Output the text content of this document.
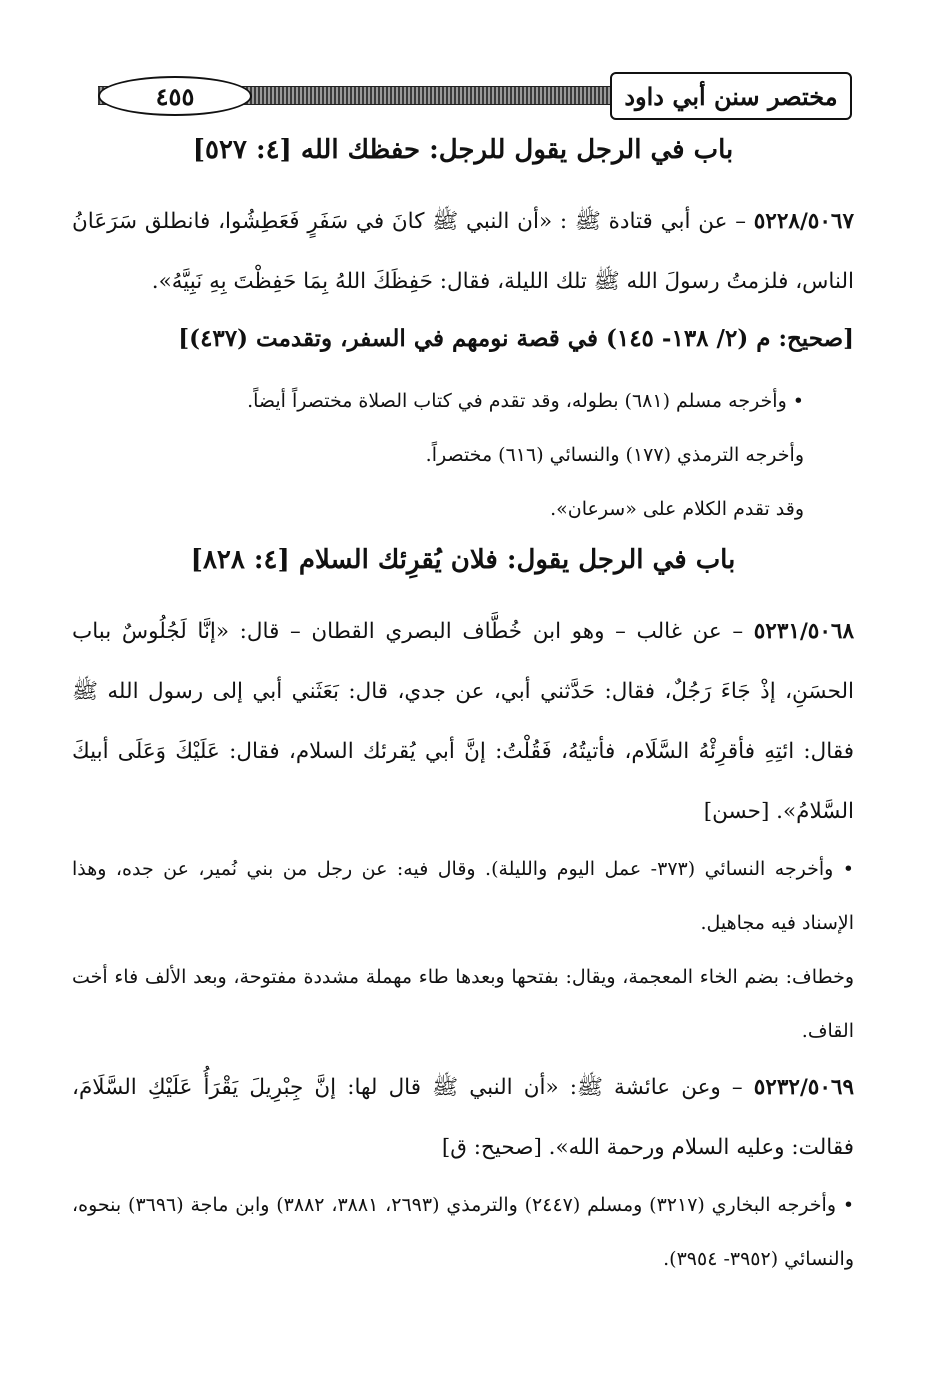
٤٥٥	مختصر سنن أبي داود
باب في الرجل يقول للرجل: حفظك الله [٤: ٥٢٧]

٥٢٢٨/٥٠٦٧ – عن أبي قتادة ﷺ : «أن النبي ﷺ كانَ في سَفَرٍ فَعَطِشُوا، فانطلق سَرَعَانُ الناس، فلزمتُ رسولَ الله ﷺ تلك الليلة، فقال: حَفِظَكَ اللهُ بِمَا حَفِظْتَ بِهِ نَبِيَّهُ».

[صحيح: م (٢/ ١٣٨- ١٤٥) في قصة نومهم في السفر، وتقدمت (٤٣٧)]

• وأخرجه مسلم (٦٨١) بطوله، وقد تقدم في كتاب الصلاة مختصراً أيضاً.

وأخرجه الترمذي (١٧٧) والنسائي (٦١٦) مختصراً.

وقد تقدم الكلام على «سرعان».

باب في الرجل يقول: فلان يُقرِئك السلام [٤: ٨٢٨]

٥٢٣١/٥٠٦٨ – عن غالب – وهو ابن خُطَّاف البصري القطان – قال: «إنَّا لَجُلُوسٌ بباب الحسَنِ، إذْ جَاءَ رَجُلٌ، فقال: حَدَّثني أبي، عن جدي، قال: بَعَثَني أبي إلى رسول الله ﷺ فقال: ائتِهِ فأقرِئْهُ السَّلَام، فأتيتُهُ، فَقُلْتُ: إنَّ أبي يُقرئك السلام، فقال: عَلَيْكَ وَعَلَى أبيكَ السَّلامُ». [حسن]

• وأخرجه النسائي (٣٧٣- عمل اليوم والليلة). وقال فيه: عن رجل من بني نُمير، عن جده، وهذا الإسناد فيه مجاهيل.

وخطاف: بضم الخاء المعجمة، ويقال: بفتحها وبعدها طاء مهملة مشددة مفتوحة، وبعد الألف فاء أخت القاف.

٥٢٣٢/٥٠٦٩ – وعن عائشة ﷺ: «أن النبي ﷺ قال لها: إنَّ جِبْرِيلَ يَقْرَأُ عَلَيْكِ السَّلَامَ، فقالت: وعليه السلام ورحمة الله». [صحيح: ق]

• وأخرجه البخاري (٣٢١٧) ومسلم (٢٤٤٧) والترمذي (٢٦٩٣، ٣٨٨١، ٣٨٨٢) وابن ماجة (٣٦٩٦) بنحوه، والنسائي (٣٩٥٢- ٣٩٥٤).
